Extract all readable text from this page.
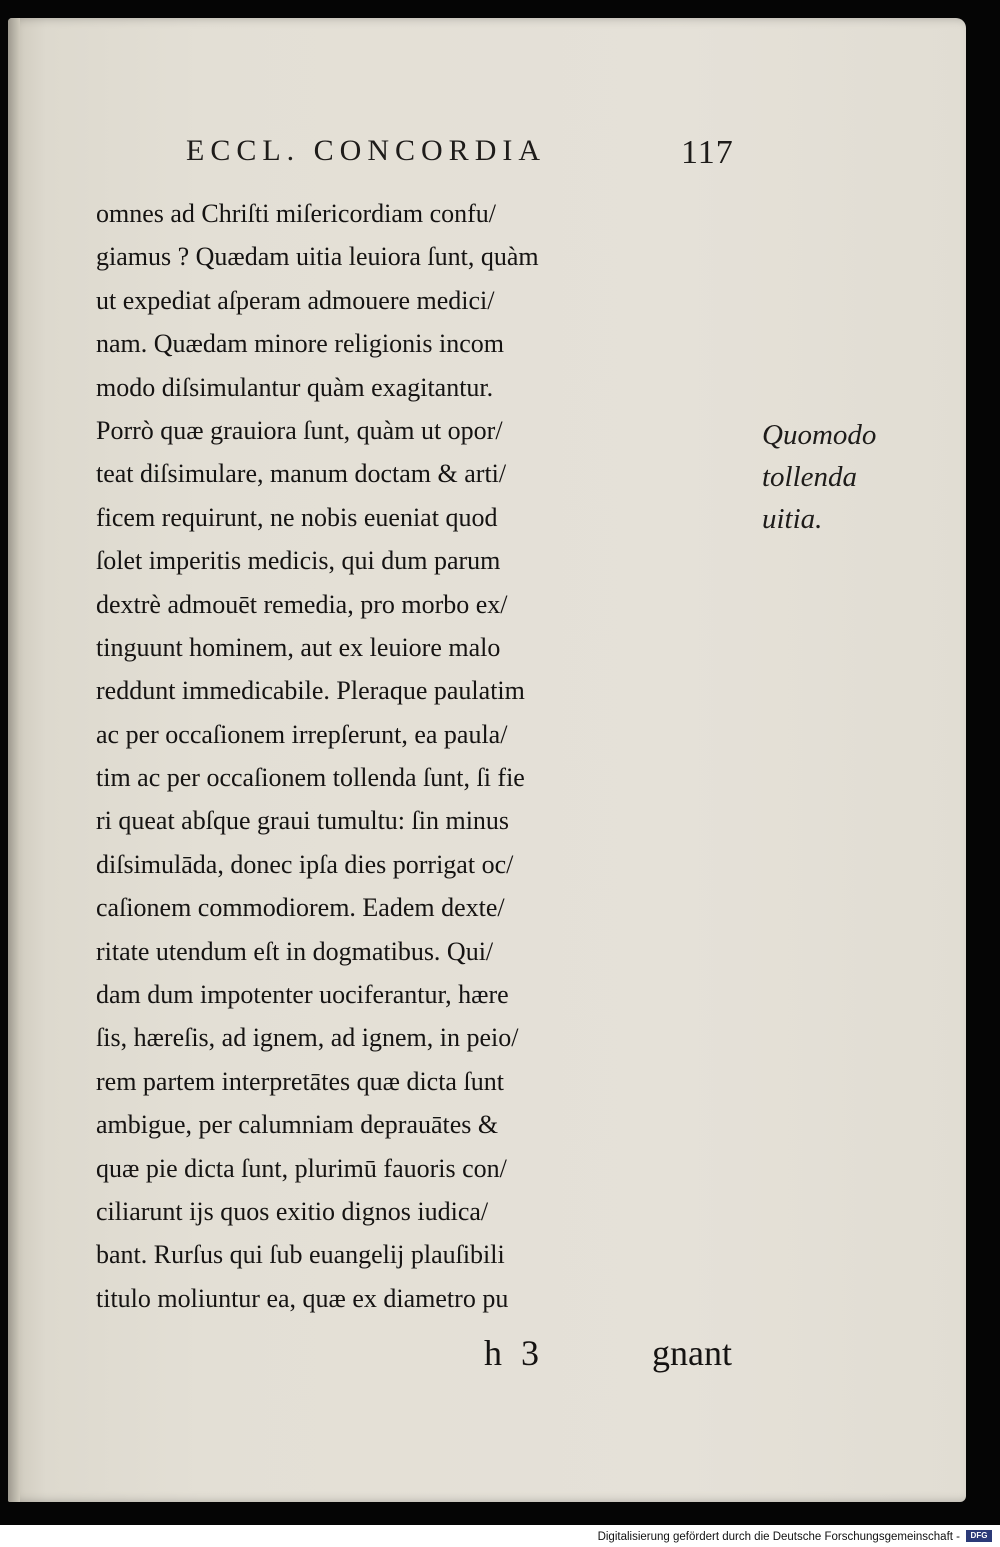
ECCL. CONCORDIA	117
omnes ad Chriſti miſericordiam confu/
giamus ? Quædam uitia leuiora ſunt, quàm
ut expediat aſperam admouere medici/
nam. Quædam minore religionis incom
modo diſsimulantur quàm exagitantur.
Porrò quæ grauiora ſunt, quàm ut opor/
teat diſsimulare, manum doctam & arti/
ficem requirunt, ne nobis eueniat quod
ſolet imperitis medicis, qui dum parum
dextrè admouēt remedia, pro morbo ex/
tinguunt hominem, aut ex leuiore malo
reddunt immedicabile. Pleraque paulatim
ac per occaſionem irrepſerunt, ea paula/
tim ac per occaſionem tollenda ſunt, ſi fie
ri queat abſque graui tumultu: ſin minus
diſsimulāda, donec ipſa dies porrigat oc/
caſionem commodiorem. Eadem dexte/
ritate utendum eſt in dogmatibus. Qui/
dam dum impotenter uociferantur, hære
ſis, hæreſis, ad ignem, ad ignem, in peio/
rem partem interpretātes quæ dicta ſunt
ambigue, per calumniam deprauātes &
quæ pie dicta ſunt, plurimū fauoris con/
ciliarunt ijs quos exitio dignos iudica/
bant. Rurſus qui ſub euangelij plauſibili
titulo moliuntur ea, quæ ex diametro pu
Quomodo
tollenda
uitia.
h 3	gnant
Digitalisierung gefördert durch die Deutsche Forschungsgemeinschaft -	DFG
